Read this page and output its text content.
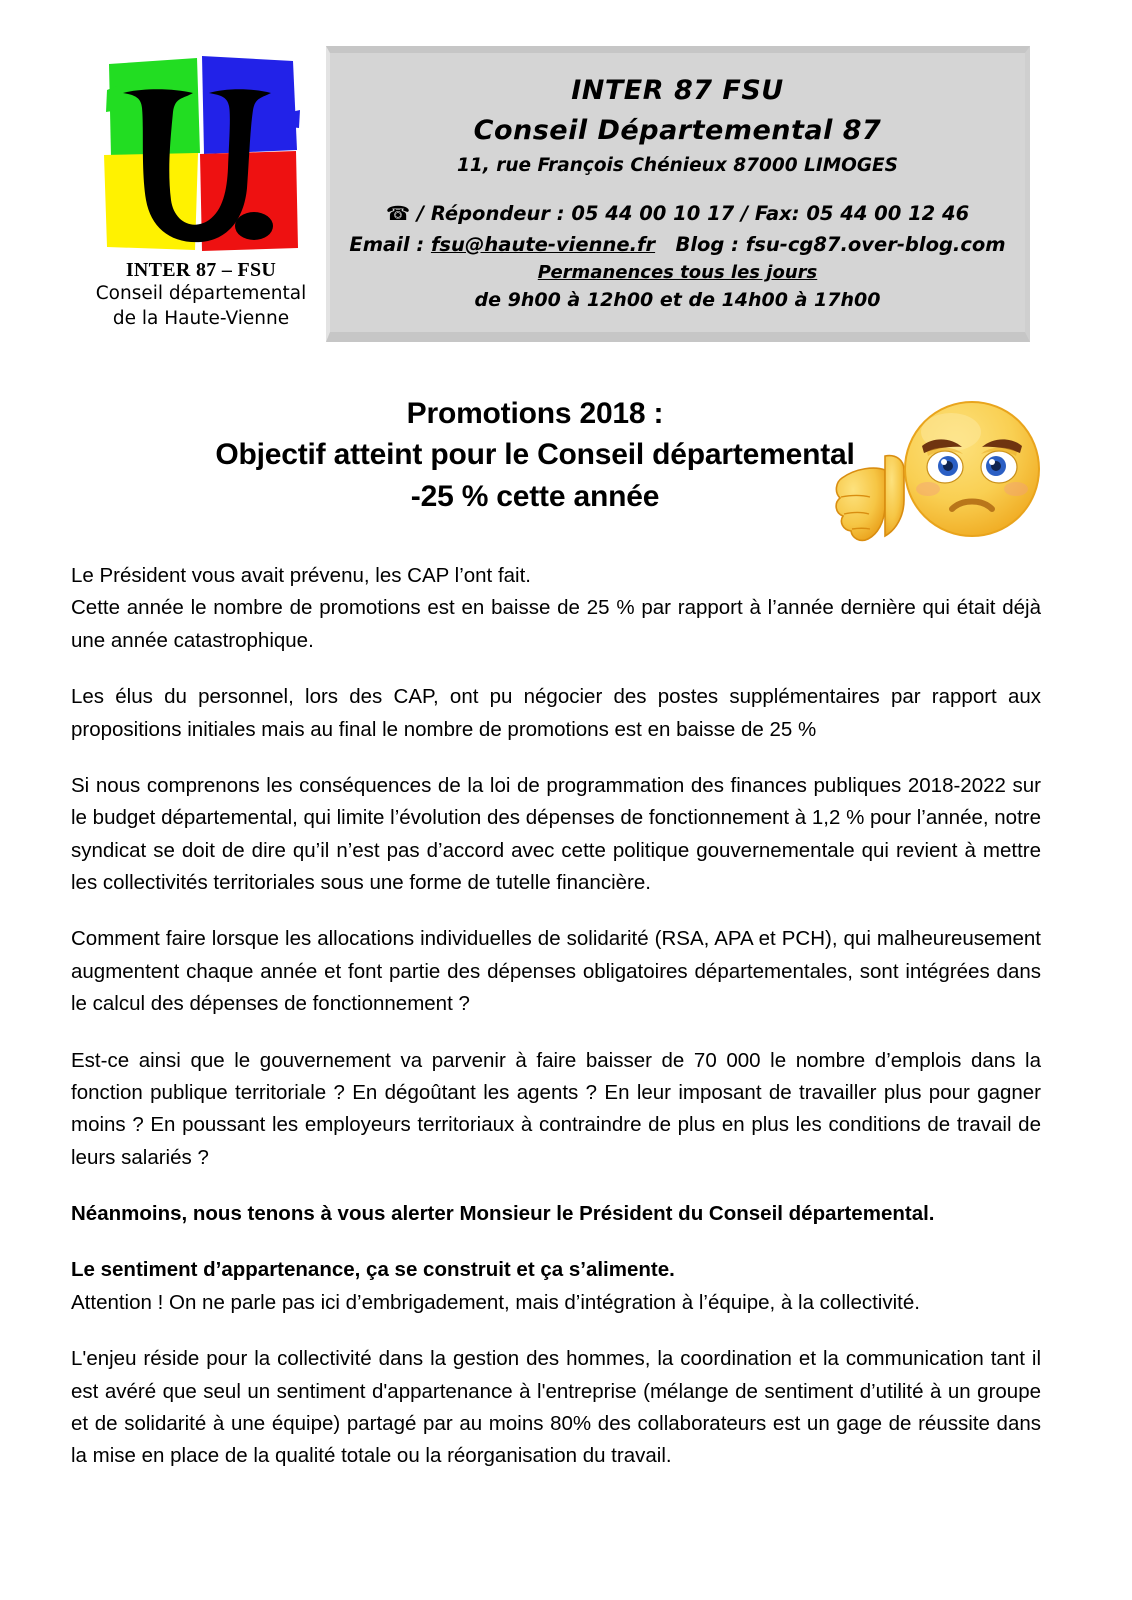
INTER 87 – FSU
Conseil départemental
de la Haute-Vienne
INTER 87 FSU
Conseil Départemental 87
11, rue François Chénieux 87000 LIMOGES
☎ / Répondeur : 05 44 00 10 17 / Fax: 05 44 00 12 46
Email : fsu@haute-vienne.fr Blog : fsu-cg87.over-blog.com
Permanences tous les jours
de 9h00 à 12h00 et de 14h00 à 17h00
Promotions 2018 :
Objectif atteint pour le Conseil départemental
-25 % cette année

Le Président vous avait prévenu, les CAP l’ont fait.

Cette année le nombre de promotions est en baisse de 25 % par rapport à l’année dernière qui était déjà une année catastrophique.

Les élus du personnel, lors des CAP, ont pu négocier des postes supplémentaires par rapport aux propositions initiales mais au final le nombre de promotions est en baisse de 25 %

Si nous comprenons les conséquences de la loi de programmation des finances publiques 2018-2022 sur le budget départemental, qui limite l’évolution des dépenses de fonctionnement à 1,2 % pour l’année, notre syndicat se doit de dire qu’il n’est pas d’accord avec cette politique gouvernementale qui revient à mettre les collectivités territoriales sous une forme de tutelle financière.

Comment faire lorsque les allocations individuelles de solidarité (RSA, APA et PCH), qui malheureusement augmentent chaque année et font partie des dépenses obligatoires départementales, sont intégrées dans le calcul des dépenses de fonctionnement ?

Est-ce ainsi que le gouvernement va parvenir à faire baisser de 70 000 le nombre d’emplois dans la fonction publique territoriale ? En dégoûtant les agents ? En leur imposant de travailler plus pour gagner moins ? En poussant les employeurs territoriaux à contraindre de plus en plus les conditions de travail de leurs salariés ?

Néanmoins, nous tenons à vous alerter Monsieur le Président du Conseil départemental.

Le sentiment d’appartenance, ça se construit et ça s’alimente.

Attention ! On ne parle pas ici d’embrigadement, mais d’intégration à l’équipe, à la collectivité.

L'enjeu réside pour la collectivité dans la gestion des hommes, la coordination et la communication tant il est avéré que seul un sentiment d'appartenance à l'entreprise (mélange de sentiment d’utilité à un groupe et de solidarité à une équipe) partagé par au moins 80% des collaborateurs est un gage de réussite dans la mise en place de la qualité totale ou la réorganisation du travail.
